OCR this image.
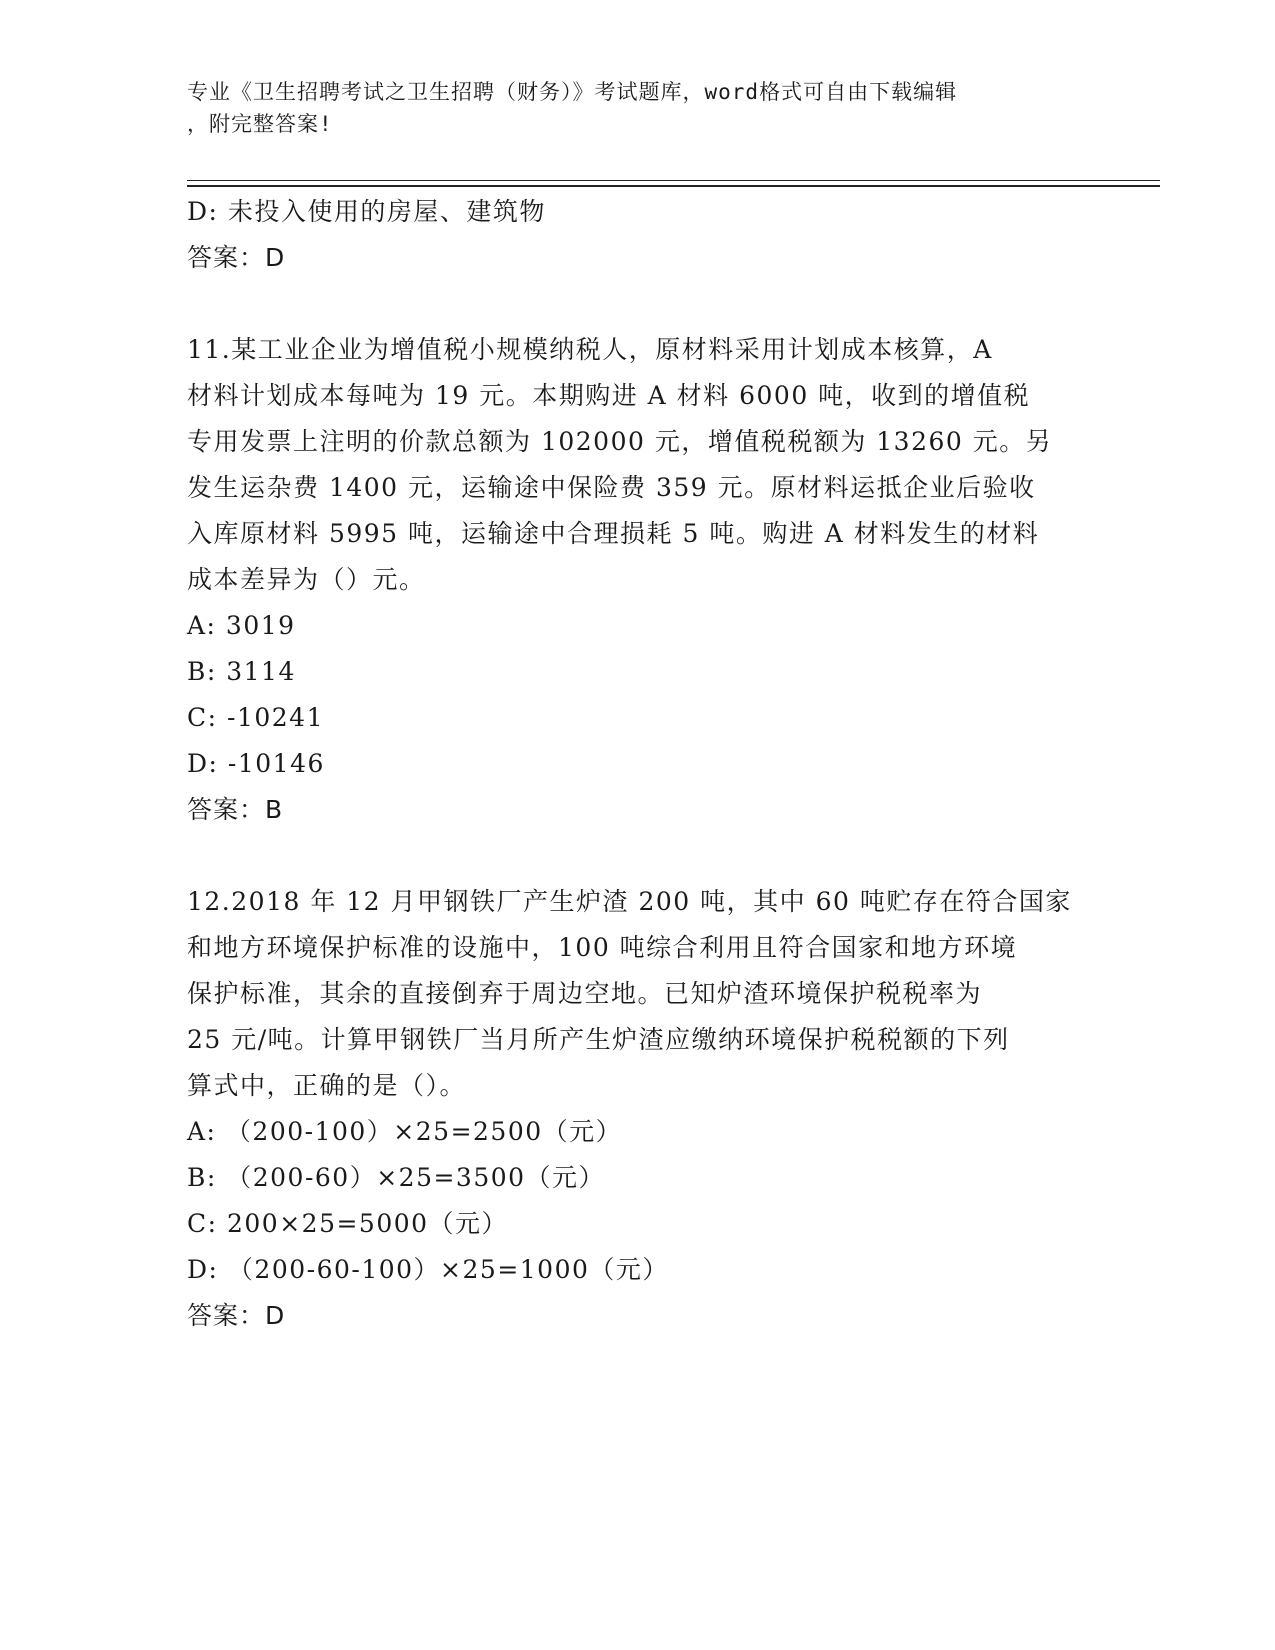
专业《卫生招聘考试之卫生招聘（财务）》考试题库，word格式可自由下载编辑
，附完整答案!
D: 未投入使用的房屋、建筑物
答案：D
11.某工业企业为增值税小规模纳税人，原材料采用计划成本核算，A
材料计划成本每吨为 19 元。本期购进 A 材料 6000 吨，收到的增值税
专用发票上注明的价款总额为 102000 元，增值税税额为 13260 元。另
发生运杂费 1400 元，运输途中保险费 359 元。原材料运抵企业后验收
入库原材料 5995 吨，运输途中合理损耗 5 吨。购进 A 材料发生的材料
成本差异为（）元。
A: 3019
B: 3114
C: -10241
D: -10146
答案：B
12.2018 年 12 月甲钢铁厂产生炉渣 200 吨，其中 60 吨贮存在符合国家
和地方环境保护标准的设施中，100 吨综合利用且符合国家和地方环境
保护标准，其余的直接倒弃于周边空地。已知炉渣环境保护税税率为
25 元/吨。计算甲钢铁厂当月所产生炉渣应缴纳环境保护税税额的下列
算式中，正确的是（）。
A: （200-100）×25=2500（元）
B: （200-60）×25=3500（元）
C: 200×25=5000（元）
D: （200-60-100）×25=1000（元）
答案：D
